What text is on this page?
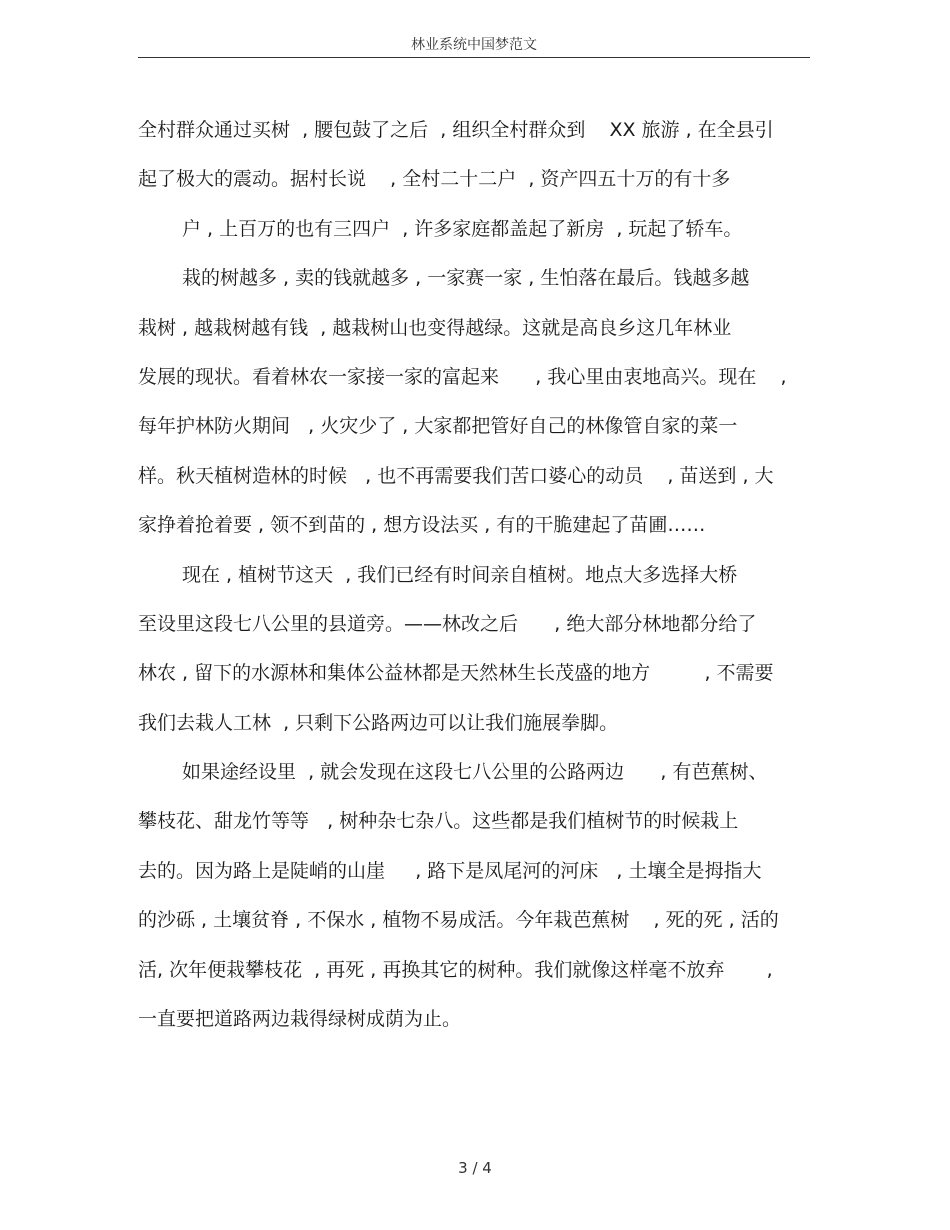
林业系统中国梦范文
全村群众通过买树  , 腰包鼓了之后  , 组织全村群众到    XX 旅游 , 在全县引
起了极大的震动。据村长说    , 全村二十二户  , 资产四五十万的有十多
户 , 上百万的也有三四户  , 许多家庭都盖起了新房  , 玩起了轿车。
栽的树越多 , 卖的钱就越多 , 一家赛一家 , 生怕落在最后。钱越多越
栽树 , 越栽树越有钱  , 越栽树山也变得越绿。这就是高良乡这几年林业
发展的现状。看着林农一家接一家的富起来      , 我心里由衷地高兴。现在    ,
每年护林防火期间   , 火灾少了 , 大家都把管好自己的林像管自家的菜一
样。秋天植树造林的时候   , 也不再需要我们苦口婆心的动员    , 苗送到 , 大
家挣着抢着要 , 领不到苗的 , 想方设法买 , 有的干脆建起了苗圃……
现在 , 植树节这天  , 我们已经有时间亲自植树。地点大多选择大桥
至设里这段七八公里的县道旁。——林改之后      , 绝大部分林地都分给了
林农 , 留下的水源林和集体公益林都是天然林生长茂盛的地方         , 不需要
我们去栽人工林  , 只剩下公路两边可以让我们施展拳脚。
如果途经设里  , 就会发现在这段七八公里的公路两边      , 有芭蕉树、
攀枝花、甜龙竹等等   , 树种杂七杂八。这些都是我们植树节的时候栽上
去的。因为路上是陡峭的山崖     , 路下是凤尾河的河床   , 土壤全是拇指大
的沙砾 , 土壤贫脊 , 不保水 , 植物不易成活。今年栽芭蕉树    , 死的死 , 活的
活, 次年便栽攀枝花  , 再死 , 再换其它的树种。我们就像这样毫不放弃       ,
一直要把道路两边栽得绿树成荫为止。
3 / 4
